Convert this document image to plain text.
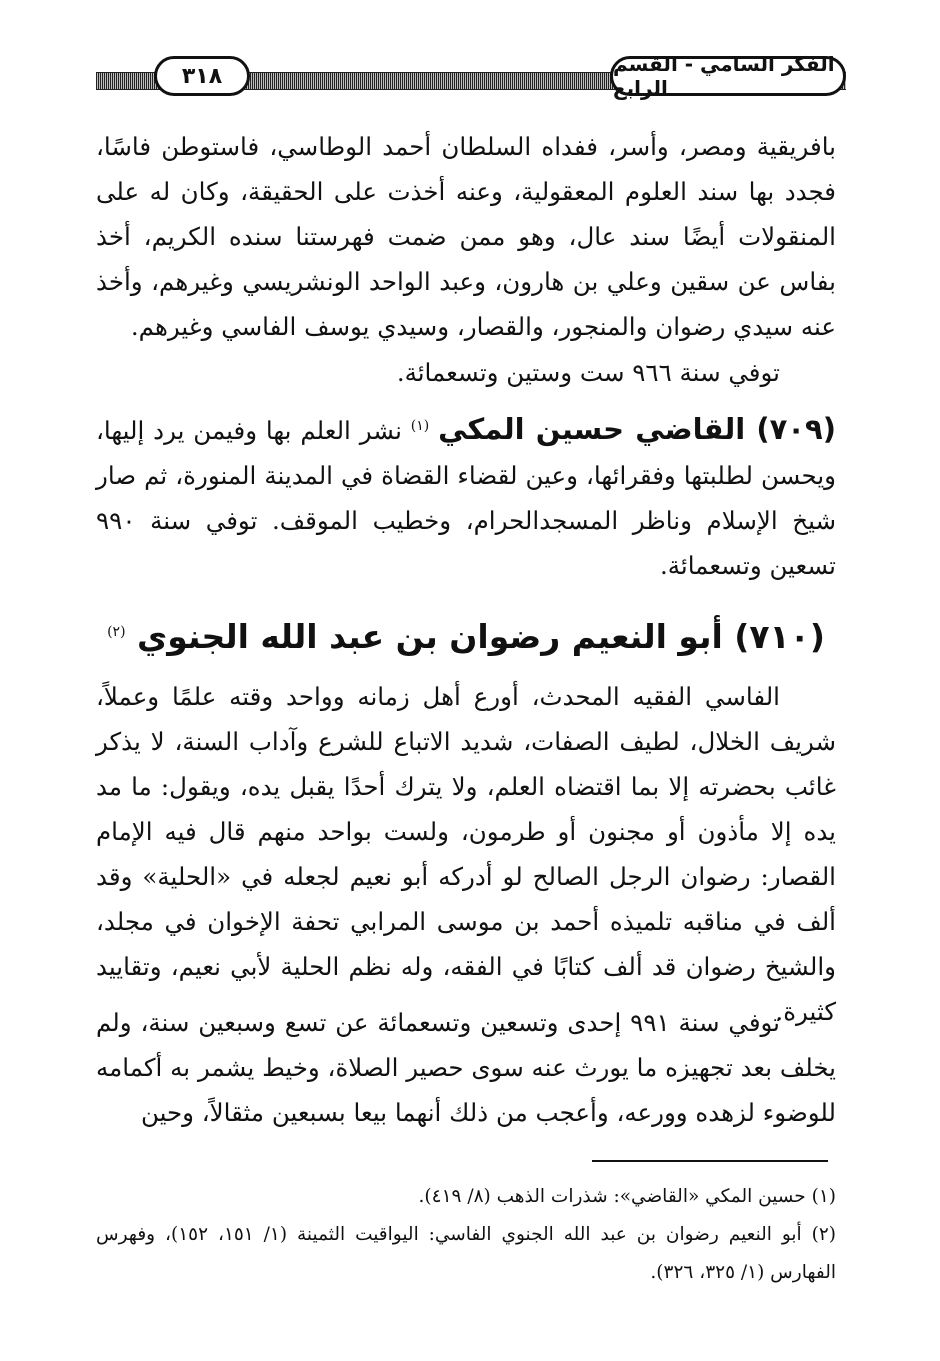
الفكر السامي - القسم الرابع
٣١٨

بافريقية ومصر، وأسر، ففداه السلطان أحمد الوطاسي، فاستوطن فاسًا، فجدد بها سند العلوم المعقولية، وعنه أخذت على الحقيقة، وكان له على المنقولات أيضًا سند عال، وهو ممن ضمت فهرستنا سنده الكريم، أخذ بفاس عن سقين وعلي بن هارون، وعبد الواحد الونشريسي وغيرهم، وأخذ عنه سيدي رضوان والمنجور، والقصار، وسيدي يوسف الفاسي وغيرهم.

توفي سنة ٩٦٦ ست وستين وتسعمائة.

(٧٠٩) القاضي حسين المكي $^{(١)}$ نشر العلم بها وفيمن يرد إليها، ويحسن لطلبتها وفقرائها، وعين لقضاء القضاة في المدينة المنورة، ثم صار شيخ الإسلام وناظر المسجدالحرام، وخطيب الموقف. توفي سنة ٩٩٠ تسعين وتسعمائة.

(٧١٠) أبو النعيم رضوان بن عبد الله الجنوي $^{(٢)}$

الفاسي الفقيه المحدث، أورع أهل زمانه وواحد وقته علمًا وعملاً، شريف الخلال، لطيف الصفات، شديد الاتباع للشرع وآداب السنة، لا يذكر غائب بحضرته إلا بما اقتضاه العلم، ولا يترك أحدًا يقبل يده، ويقول: ما مد يده إلا مأذون أو مجنون أو طرمون، ولست بواحد منهم قال فيه الإمام القصار: رضوان الرجل الصالح لو أدركه أبو نعيم لجعله في «الحلية» وقد ألف في مناقبه تلميذه أحمد بن موسى المرابي تحفة الإخوان في مجلد، والشيخ رضوان قد ألف كتابًا في الفقه، وله نظم الحلية لأبي نعيم، وتقاييد كثيرة.

توفي سنة ٩٩١ إحدى وتسعين وتسعمائة عن تسع وسبعين سنة، ولم يخلف بعد تجهيزه ما يورث عنه سوى حصير الصلاة، وخيط يشمر به أكمامه للوضوء لزهده وورعه، وأعجب من ذلك أنهما بيعا بسبعين مثقالاً، وحين

(١) حسين المكي «القاضي»: شذرات الذهب (٨/ ٤١٩).

(٢) أبو النعيم رضوان بن عبد الله الجنوي الفاسي: اليواقيت الثمينة (١/ ١٥١، ١٥٢)، وفهرس الفهارس (١/ ٣٢٥، ٣٢٦).
